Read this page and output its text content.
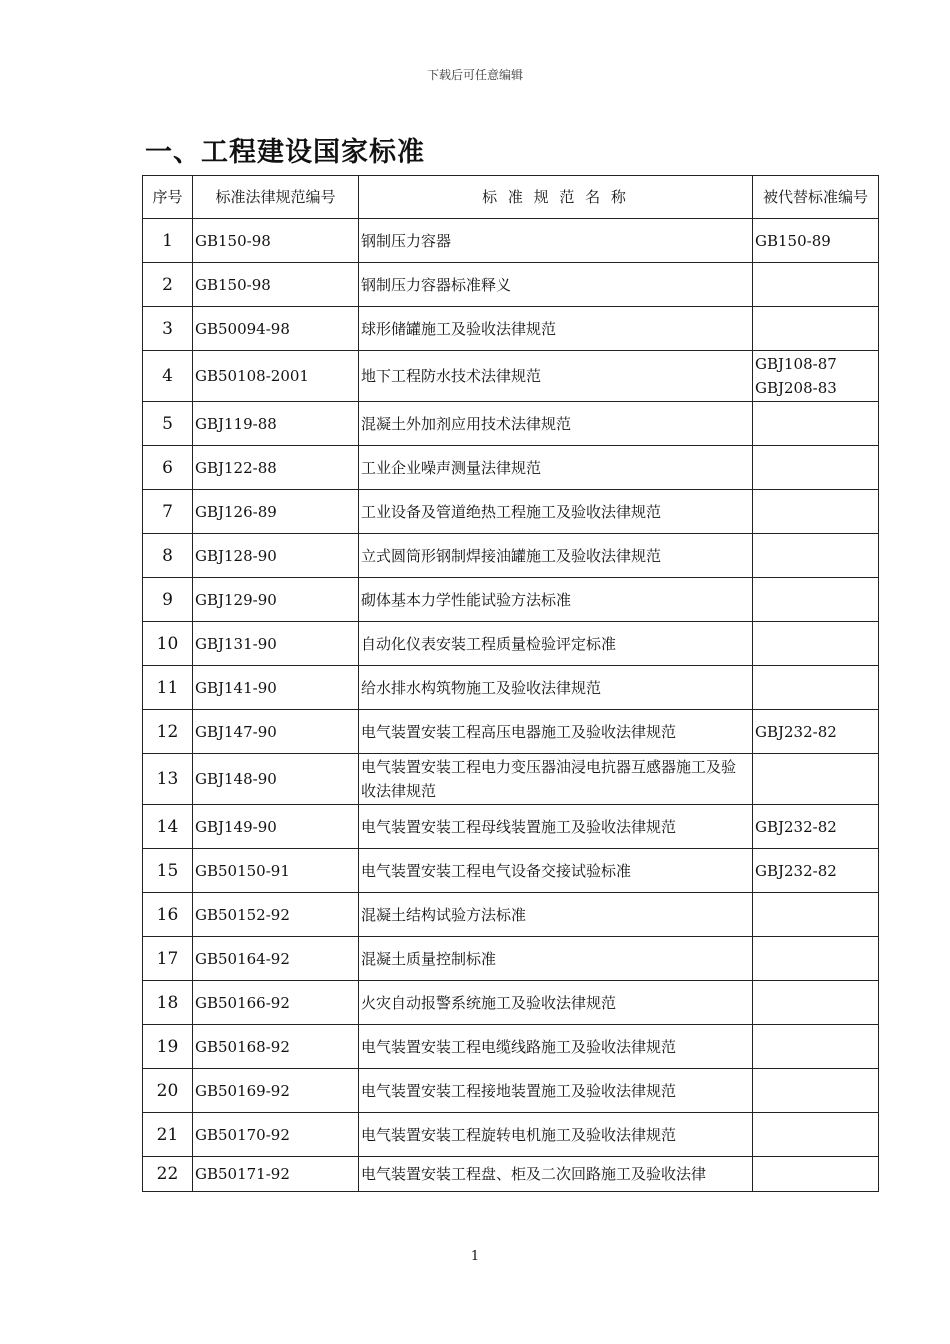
下载后可任意编辑
一、工程建设国家标准
序号	标准法律规范编号	标 准 规 范 名 称	被代替标准编号
1	GB150-98	钢制压力容器	GB150-89
2	GB150-98	钢制压力容器标准释义	
3	GB50094-98	球形储罐施工及验收法律规范	
4	GB50108-2001	地下工程防水技术法律规范	GBJ108-87
GBJ208-83
5	GBJ119-88	混凝土外加剂应用技术法律规范	
6	GBJ122-88	工业企业噪声测量法律规范	
7	GBJ126-89	工业设备及管道绝热工程施工及验收法律规范	
8	GBJ128-90	立式圆筒形钢制焊接油罐施工及验收法律规范	
9	GBJ129-90	砌体基本力学性能试验方法标准	
10	GBJ131-90	自动化仪表安装工程质量检验评定标准	
11	GBJ141-90	给水排水构筑物施工及验收法律规范	
12	GBJ147-90	电气装置安装工程高压电器施工及验收法律规范	GBJ232-82
13	GBJ148-90	电气装置安装工程电力变压器油浸电抗器互感器施工及验收法律规范	
14	GBJ149-90	电气装置安装工程母线装置施工及验收法律规范	GBJ232-82
15	GB50150-91	电气装置安装工程电气设备交接试验标准	GBJ232-82
16	GB50152-92	混凝土结构试验方法标准	
17	GB50164-92	混凝土质量控制标准	
18	GB50166-92	火灾自动报警系统施工及验收法律规范	
19	GB50168-92	电气装置安装工程电缆线路施工及验收法律规范	
20	GB50169-92	电气装置安装工程接地装置施工及验收法律规范	
21	GB50170-92	电气装置安装工程旋转电机施工及验收法律规范	
22	GB50171-92	电气装置安装工程盘、柜及二次回路施工及验收法律	
1
